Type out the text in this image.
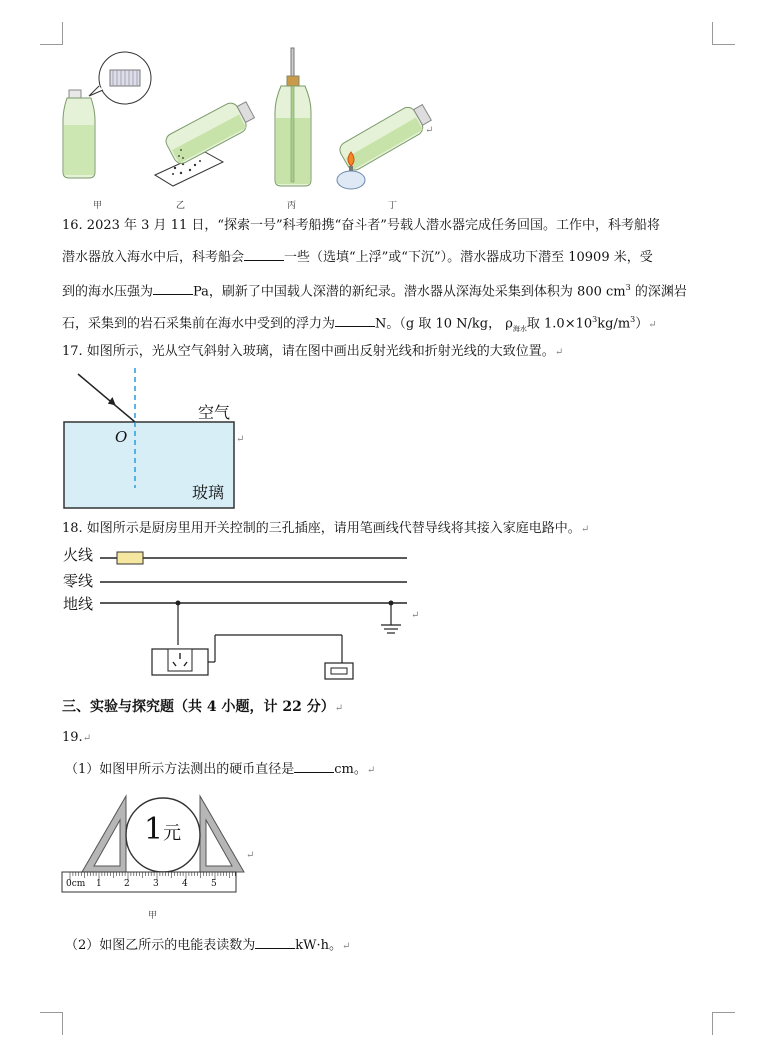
甲	乙	丙	丁
↵
16. 2023 年 3 月 11 日，“探索一号”科考船携“奋斗者”号载人潜水器完成任务回国。工作中，科考船将
潜水器放入海水中后，科考船会	一些（选填“上浮”或“下沉”）。潜水器成功下潜至 10909 米，受
到的海水压强为	Pa，刷新了中国载人深潜的新纪录。潜水器从深海处采集到体积为 800 $cm^3$ 的深渊岩
石，采集到的岩石采集前在海水中受到的浮力为	N。（g 取 10 N/kg， $\rho_{海水}$取 $1.0\times 10^3kg/m^3)↵$
17. 如图所示，光从空气斜射入玻璃，请在图中画出反射光线和折射光线的大致位置。↵
空气
O
玻璃
↵
18. 如图所示是厨房里用开关控制的三孔插座，请用笔画线代替导线将其接入家庭电路中。↵
火线
零线
地线
↵
三、实验与探究题（共 4 小题，计 22 分）↵
19.↵
（1）如图甲所示方法测出的硬币直径是	cm。↵
1元
0cm 1 2	3	4	5
↵
甲
（2）如图乙所示的电能表读数为	kW·h。↵
